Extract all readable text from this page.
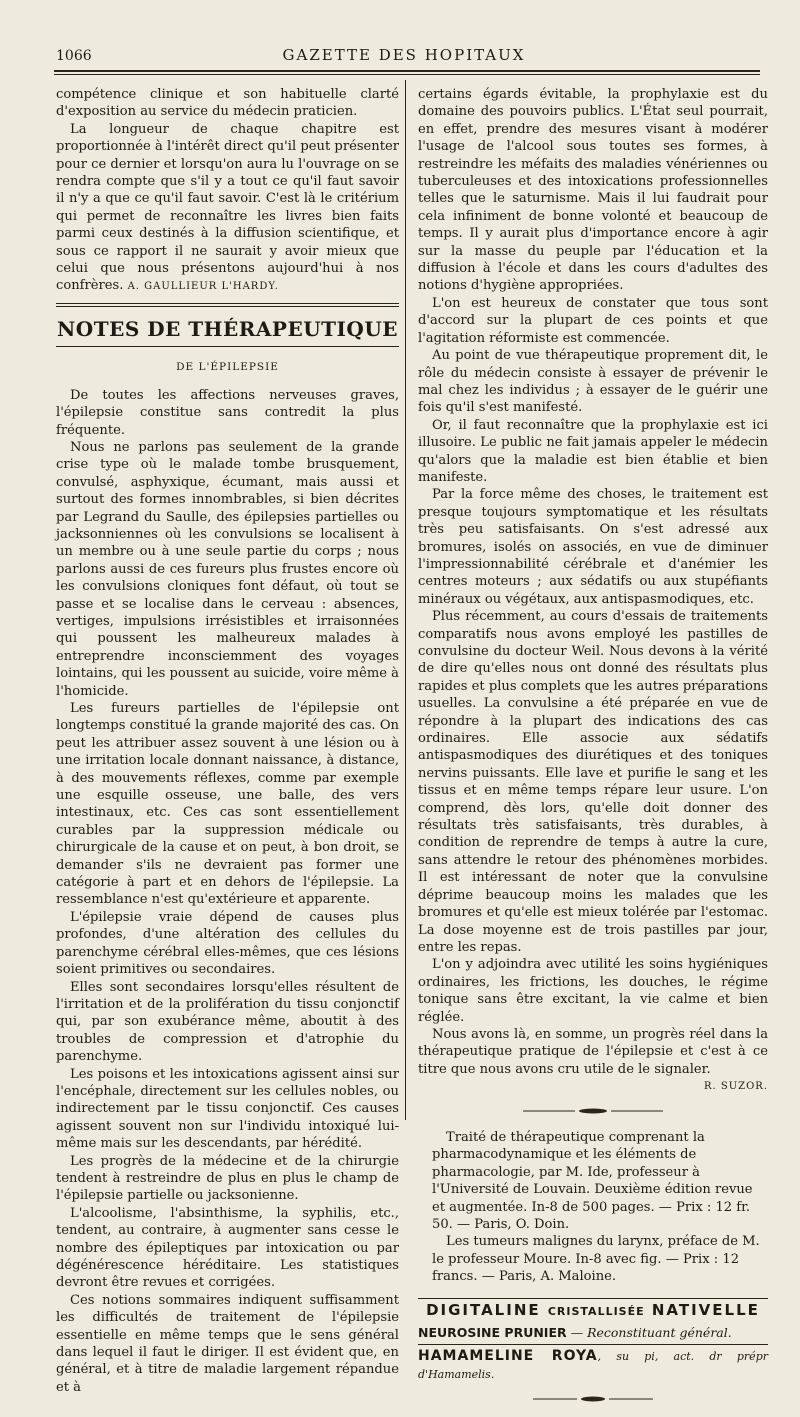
1066	GAZETTE DES HOPITAUX

compétence clinique et son habituelle clarté d'exposition au service du médecin praticien.

La longueur de chaque chapitre est proportionnée à l'intérêt direct qu'il peut présenter pour ce dernier et lorsqu'on aura lu l'ouvrage on se rendra compte que s'il y a tout ce qu'il faut savoir il n'y a que ce qu'il faut savoir. C'est là le critérium qui permet de reconnaître les livres bien faits parmi ceux destinés à la diffusion scientifique, et sous ce rapport il ne saurait y avoir mieux que celui que nous présentons aujourd'hui à nos confrères. A. GAULLIEUR L'HARDY.

NOTES DE THÉRAPEUTIQUE
DE L'ÉPILEPSIE

De toutes les affections nerveuses graves, l'épilepsie constitue sans contredit la plus fréquente.

Nous ne parlons pas seulement de la grande crise type où le malade tombe brusquement, convulsé, asphyxique, écumant, mais aussi et surtout des formes innombrables, si bien décrites par Legrand du Saulle, des épilepsies partielles ou jacksonniennes où les convulsions se localisent à un membre ou à une seule partie du corps ; nous parlons aussi de ces fureurs plus frustes encore où les convulsions cloniques font défaut, où tout se passe et se localise dans le cerveau : absences, vertiges, impulsions irrésistibles et irraisonnées qui poussent les malheureux malades à entreprendre inconsciemment des voyages lointains, qui les poussent au suicide, voire même à l'homicide.

Les fureurs partielles de l'épilepsie ont longtemps constitué la grande majorité des cas. On peut les attribuer assez souvent à une lésion ou à une irritation locale donnant naissance, à distance, à des mouvements réflexes, comme par exemple une esquille osseuse, une balle, des vers intestinaux, etc. Ces cas sont essentiellement curables par la suppression médicale ou chirurgicale de la cause et on peut, à bon droit, se demander s'ils ne devraient pas former une catégorie à part et en dehors de l'épilepsie. La ressemblance n'est qu'extérieure et apparente.

L'épilepsie vraie dépend de causes plus profondes, d'une altération des cellules du parenchyme cérébral elles-mêmes, que ces lésions soient primitives ou secondaires.

Elles sont secondaires lorsqu'elles résultent de l'irritation et de la prolifération du tissu conjonctif qui, par son exubérance même, aboutit à des troubles de compression et d'atrophie du parenchyme.

Les poisons et les intoxications agissent ainsi sur l'encéphale, directement sur les cellules nobles, ou indirectement par le tissu conjonctif. Ces causes agissent souvent non sur l'individu intoxiqué lui-même mais sur les descendants, par hérédité.

Les progrès de la médecine et de la chirurgie tendent à restreindre de plus en plus le champ de l'épilepsie partielle ou jacksonienne.

L'alcoolisme, l'absinthisme, la syphilis, etc., tendent, au contraire, à augmenter sans cesse le nombre des épileptiques par intoxication ou par dégénérescence héréditaire. Les statistiques devront être revues et corrigées.

Ces notions sommaires indiquent suffisamment les difficultés de traitement de l'épilepsie essentielle en même temps que le sens général dans lequel il faut le diriger. Il est évident que, en général, et à titre de maladie largement répandue et à

certains égards évitable, la prophylaxie est du domaine des pouvoirs publics. L'État seul pourrait, en effet, prendre des mesures visant à modérer l'usage de l'alcool sous toutes ses formes, à restreindre les méfaits des maladies vénériennes ou tuberculeuses et des intoxications professionnelles telles que le saturnisme. Mais il lui faudrait pour cela infiniment de bonne volonté et beaucoup de temps. Il y aurait plus d'importance encore à agir sur la masse du peuple par l'éducation et la diffusion à l'école et dans les cours d'adultes des notions d'hygiène appropriées.

L'on est heureux de constater que tous sont d'accord sur la plupart de ces points et que l'agitation réformiste est commencée.

Au point de vue thérapeutique proprement dit, le rôle du médecin consiste à essayer de prévenir le mal chez les individus ; à essayer de le guérir une fois qu'il s'est manifesté.

Or, il faut reconnaître que la prophylaxie est ici illusoire. Le public ne fait jamais appeler le médecin qu'alors que la maladie est bien établie et bien manifeste.

Par la force même des choses, le traitement est presque toujours symptomatique et les résultats très peu satisfaisants. On s'est adressé aux bromures, isolés on associés, en vue de diminuer l'impressionnabilité cérébrale et d'anémier les centres moteurs ; aux sédatifs ou aux stupéfiants minéraux ou végétaux, aux antispasmodiques, etc.

Plus récemment, au cours d'essais de traitements comparatifs nous avons employé les pastilles de convulsine du docteur Weil. Nous devons à la vérité de dire qu'elles nous ont donné des résultats plus rapides et plus complets que les autres préparations usuelles. La convulsine a été préparée en vue de répondre à la plupart des indications des cas ordinaires. Elle associe aux sédatifs antispasmodiques des diurétiques et des toniques nervins puissants. Elle lave et purifie le sang et les tissus et en même temps répare leur usure. L'on comprend, dès lors, qu'elle doit donner des résultats très satisfaisants, très durables, à condition de reprendre de temps à autre la cure, sans attendre le retour des phénomènes morbides. Il est intéressant de noter que la convulsine déprime beaucoup moins les malades que les bromures et qu'elle est mieux tolérée par l'estomac. La dose moyenne est de trois pastilles par jour, entre les repas.

L'on y adjoindra avec utilité les soins hygiéniques ordinaires, les frictions, les douches, le régime tonique sans être excitant, la vie calme et bien réglée.

Nous avons là, en somme, un progrès réel dans la thérapeutique pratique de l'épilepsie et c'est à ce titre que nous avons cru utile de le signaler.
R. SUZOR.

Traité de thérapeutique comprenant la pharmacodynamique et les éléments de pharmacologie, par M. Ide, professeur à l'Université de Louvain. Deuxième édition revue et augmentée. In-8 de 500 pages. — Prix : 12 fr. 50. — Paris, O. Doin.

Les tumeurs malignes du larynx, préface de M. le professeur Moure. In-8 avec fig. — Prix : 12 francs. — Paris, A. Maloine.

DIGITALINE CRISTALLISÉE NATIVELLE
NEUROSINE PRUNIER — Reconstituant général.
HAMAMELINE ROYA, su pi, act. dr prépr d'Hamamelis.
